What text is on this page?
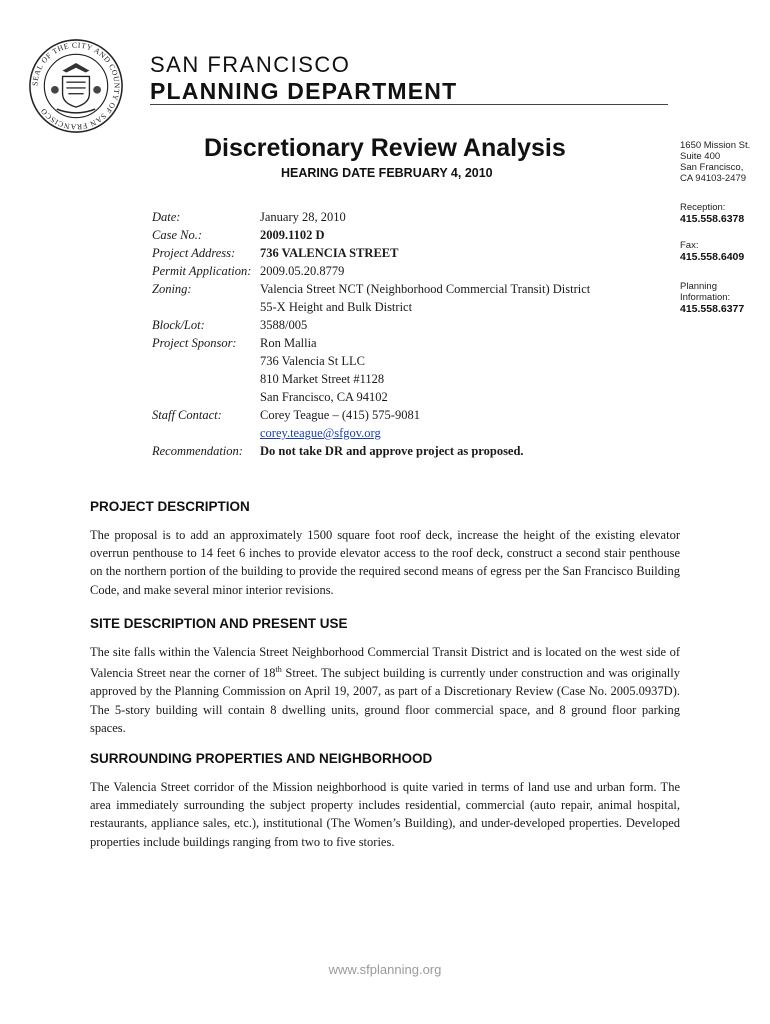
SEAL OF THE CITY AND COUNTY OF SAN FRANCISCO
SAN FRANCISCO
PLANNING DEPARTMENT
Discretionary Review Analysis
HEARING DATE FEBRUARY 4, 2010
1650 Mission St.
Suite 400
San Francisco,
CA 94103-2479
Reception:
415.558.6378
Fax:
415.558.6409
Planning
Information:
415.558.6377
Date:	January 28, 2010
Case No.:	2009.1102 D
Project Address: 736 VALENCIA STREET
Permit Application: 2009.05.20.8779
Zoning:	Valencia Street NCT (Neighborhood Commercial Transit) District
55-X Height and Bulk District
Block/Lot:	3588/005
Project Sponsor: Ron Mallia
736 Valencia St LLC
810 Market Street #1128
San Francisco, CA 94102
Staff Contact:	Corey Teague – (415) 575-9081
corey.teague@sfgov.org
Recommendation: Do not take DR and approve project as proposed.
PROJECT DESCRIPTION

The proposal is to add an approximately 1500 square foot roof deck, increase the height of the existing elevator overrun penthouse to 14 feet 6 inches to provide elevator access to the roof deck, construct a second stair penthouse on the northern portion of the building to provide the required second means of egress per the San Francisco Building Code, and make several minor interior revisions.

SITE DESCRIPTION AND PRESENT USE

The site falls within the Valencia Street Neighborhood Commercial Transit District and is located on the west side of Valencia Street near the corner of 18th Street. The subject building is currently under construction and was originally approved by the Planning Commission on April 19, 2007, as part of a Discretionary Review (Case No. 2005.0937D). The 5-story building will contain 8 dwelling units, ground floor commercial space, and 8 ground floor parking spaces.

SURROUNDING PROPERTIES AND NEIGHBORHOOD

The Valencia Street corridor of the Mission neighborhood is quite varied in terms of land use and urban form. The area immediately surrounding the subject property includes residential, commercial (auto repair, animal hospital, restaurants, appliance sales, etc.), institutional (The Women’s Building), and under-developed properties. Developed properties include buildings ranging from two to five stories.

www.sfplanning.org
